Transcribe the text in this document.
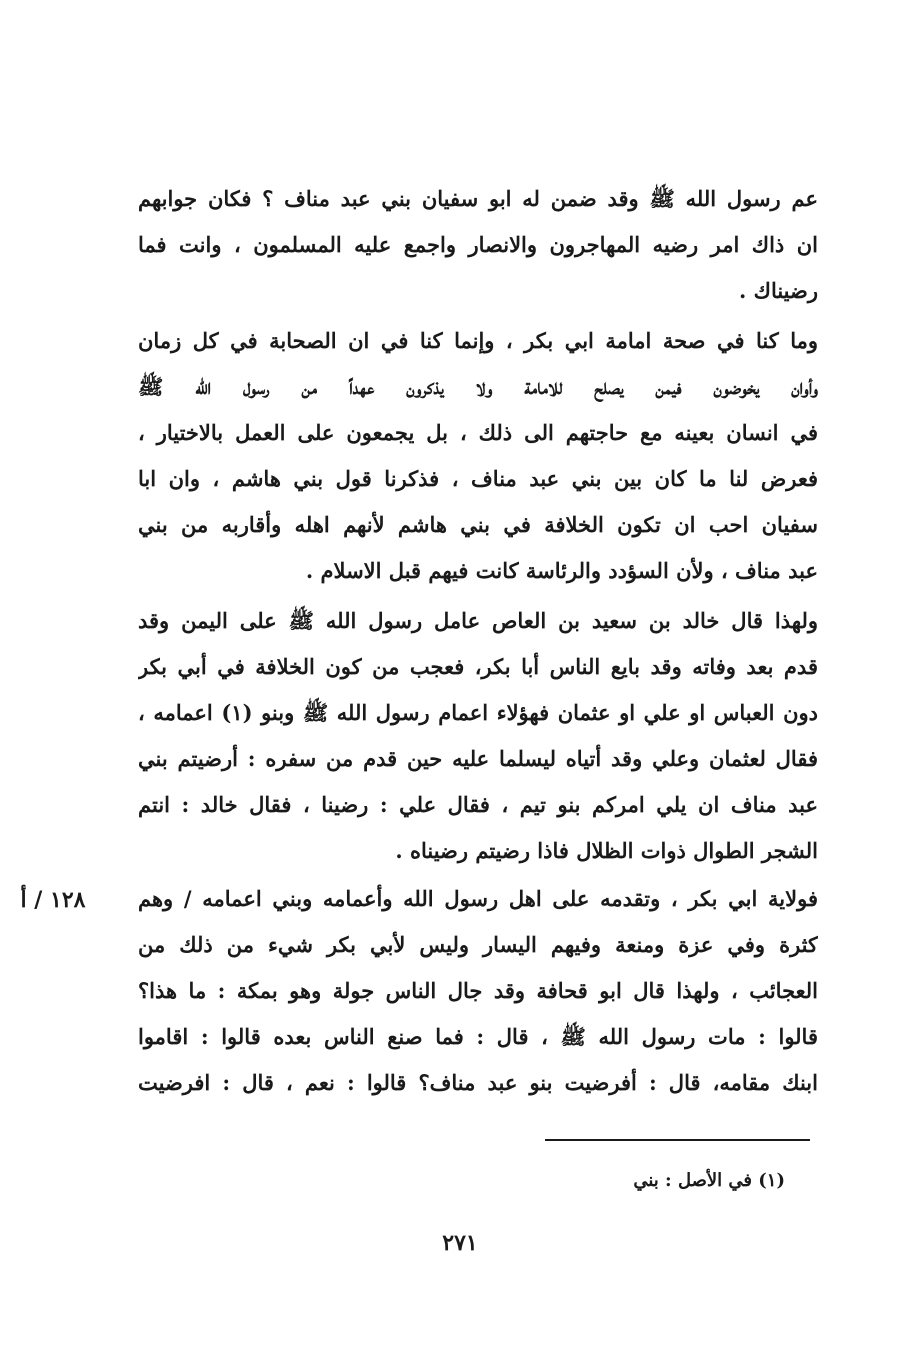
عم رسول الله ﷺ وقد ضمن له ابو سفيان بني عبد مناف ؟ فكان جوابهم
ان ذاك امر رضيه المهاجرون والانصار واجمع عليه المسلمون ، وانت فما
رضيناك .
وما كنا في صحة امامة ابي بكر ، وإنما كنا في ان الصحابة في كل زمان
وأوان يخوضون فيمن يصلح للامامة ولا يذكرون عهداً من رسول الله ﷺ
في انسان بعينه مع حاجتهم الى ذلك ، بل يجمعون على العمل بالاختيار ،
فعرض لنا ما كان بين بني عبد مناف ، فذكرنا قول بني هاشم ، وان ابا
سفيان احب ان تكون الخلافة في بني هاشم لأنهم اهله وأقاربه من بني
عبد مناف ، ولأن السؤدد والرئاسة كانت فيهم قبل الاسلام .
ولهذا قال خالد بن سعيد بن العاص عامل رسول الله ﷺ على اليمن وقد
قدم بعد وفاته وقد بايع الناس أبا بكر، فعجب من كون الخلافة في أبي بكر
دون العباس او علي او عثمان فهؤلاء اعمام رسول الله ﷺ وبنو (١) اعمامه ،
فقال لعثمان وعلي وقد أتياه ليسلما عليه حين قدم من سفره : أرضيتم بني
عبد مناف ان يلي امركم بنو تيم ، فقال علي : رضينا ، فقال خالد : انتم
الشجر الطوال ذوات الظلال فاذا رضيتم رضيناه .
فولاية ابي بكر ، وتقدمه على اهل رسول الله وأعمامه وبني اعمامه / وهم
كثرة وفي عزة ومنعة وفيهم اليسار وليس لأبي بكر شيء من ذلك من
العجائب ، ولهذا قال ابو قحافة وقد جال الناس جولة وهو بمكة : ما هذا؟
قالوا : مات رسول الله ﷺ ، قال : فما صنع الناس بعده قالوا : اقاموا
ابنك مقامه، قال : أفرضيت بنو عبد مناف؟ قالوا : نعم ، قال : افرضيت
١٢٨ / أ
(١) في الأصل : بني
٢٧١
